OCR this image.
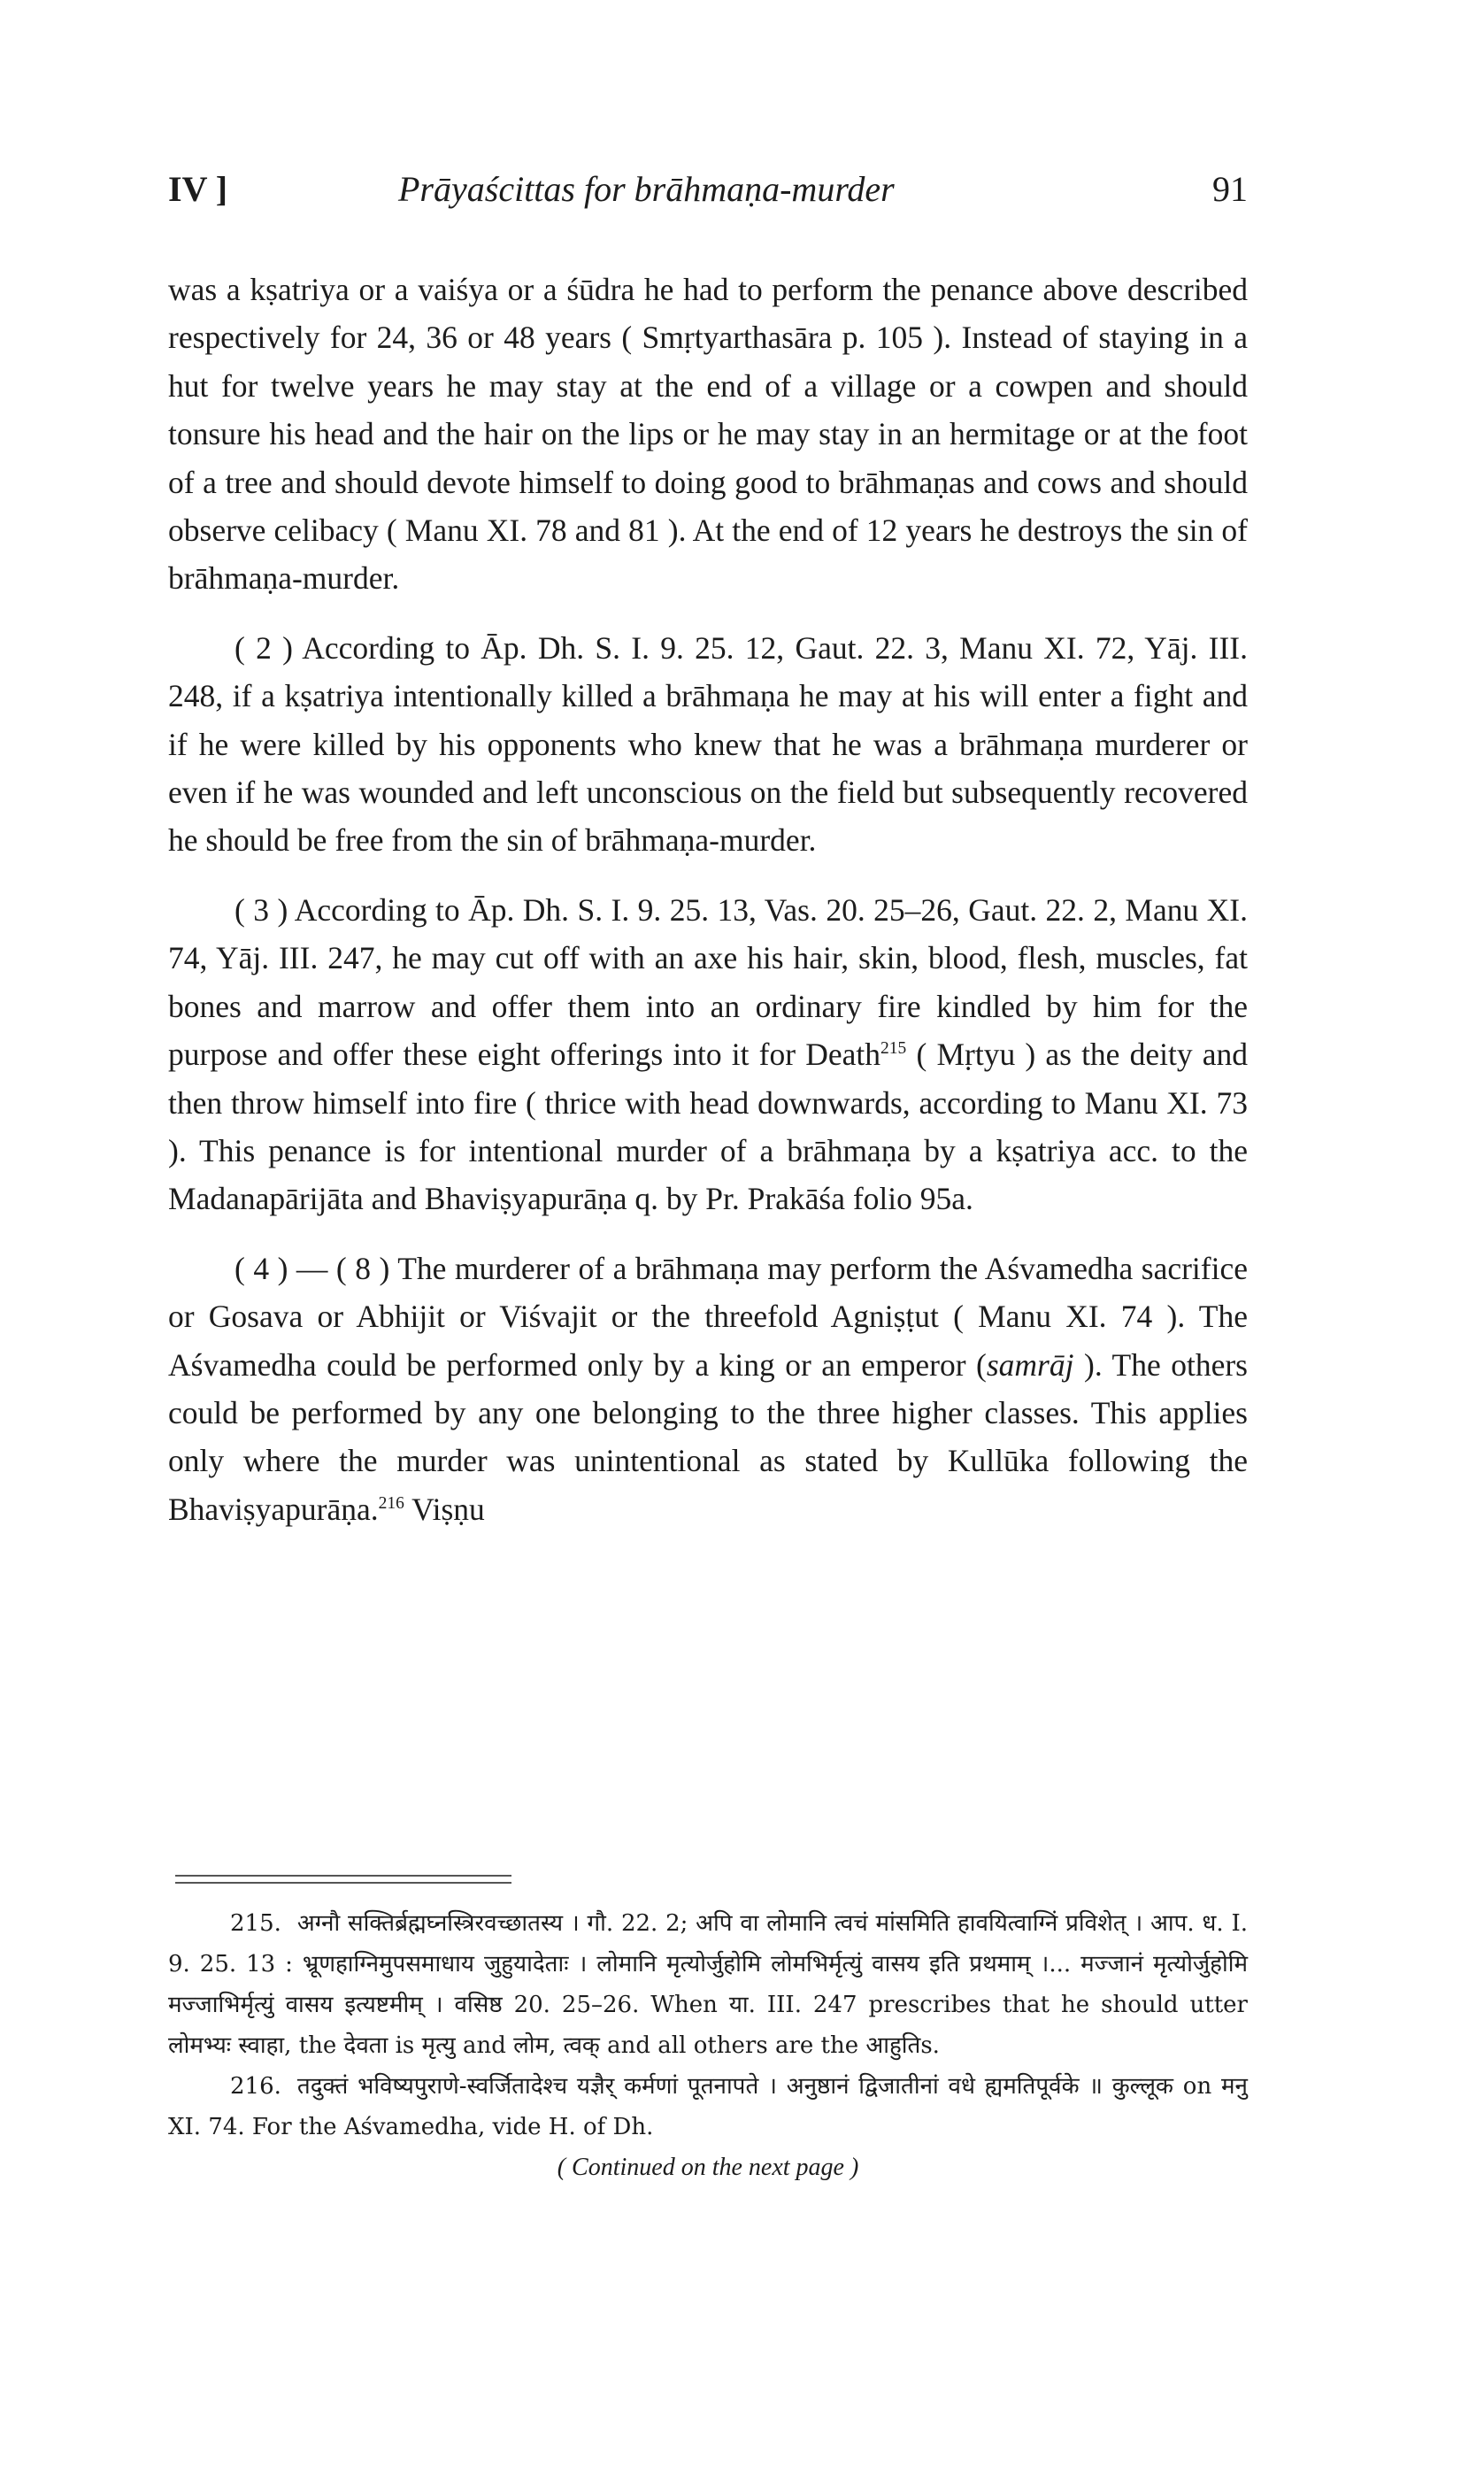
IV ]	Prāyaścittas for brāhmaṇa-murder	91

was a kṣatriya or a vaiśya or a śūdra he had to perform the penance above described respectively for 24, 36 or 48 years ( Smṛtyarthasāra p. 105 ). Instead of staying in a hut for twelve years he may stay at the end of a village or a cowpen and should tonsure his head and the hair on the lips or he may stay in an hermitage or at the foot of a tree and should devote himself to doing good to brāhmaṇas and cows and should observe celibacy ( Manu XI. 78 and 81 ). At the end of 12 years he destroys the sin of brāhmaṇa-murder.

( 2 ) According to Āp. Dh. S. I. 9. 25. 12, Gaut. 22. 3, Manu XI. 72, Yāj. III. 248, if a kṣatriya intentionally killed a brāhmaṇa he may at his will enter a fight and if he were killed by his opponents who knew that he was a brāhmaṇa murderer or even if he was wounded and left unconscious on the field but subsequently recovered he should be free from the sin of brāhmaṇa-murder.

( 3 ) According to Āp. Dh. S. I. 9. 25. 13, Vas. 20. 25–26, Gaut. 22. 2, Manu XI. 74, Yāj. III. 247, he may cut off with an axe his hair, skin, blood, flesh, muscles, fat bones and marrow and offer them into an ordinary fire kindled by him for the purpose and offer these eight offerings into it for Death$^{215}$ ( Mṛtyu ) as the deity and then throw himself into fire ( thrice with head downwards, according to Manu XI. 73 ). This penance is for intentional murder of a brāhmaṇa by a kṣatriya acc. to the Madanapārijāta and Bhaviṣyapurāṇa q. by Pr. Prakāśa folio 95a.

( 4 ) — ( 8 ) The murderer of a brāhmaṇa may perform the Aśvamedha sacrifice or Gosava or Abhijit or Viśvajit or the threefold Agniṣṭut ( Manu XI. 74 ). The Aśvamedha could be performed only by a king or an emperor (samrāj ). The others could be performed by any one belonging to the three higher classes. This applies only where the murder was unintentional as stated by Kullūka following the Bhaviṣyapurāṇa.$^{216}$ Viṣṇu

215. अग्नौ सक्तिर्ब्रह्मघ्नस्त्रिरवच्छातस्य । गौ. 22. 2; अपि वा लोमानि त्वचं मांसमिति हावयित्वाग्निं प्रविशेत् । आप. ध. I. 9. 25. 13 : भ्रूणहाग्निमुपसमाधाय जुहुयादेताः । लोमानि मृत्योर्जुहोमि लोमभिर्मृत्युं वासय इति प्रथमाम् ।... मज्जानं मृत्योर्जुहोमि मज्जाभिर्मृत्युं वासय इत्यष्टमीम् । वसिष्ठ 20. 25–26. When या. III. 247 prescribes that he should utter लोमभ्यः स्वाहा, the देवता is मृत्यु and लोम, त्वक् and all others are the आहुतिs.

216. तदुक्तं भविष्यपुराणे-स्वर्जितादेश्च यज्ञैर् कर्मणां पूतनापते । अनुष्ठानं द्विजातीनां वधे ह्यमतिपूर्वके ॥ कुल्लूक on मनु XI. 74. For the Aśvamedha, vide H. of Dh.

( Continued on the next page )
